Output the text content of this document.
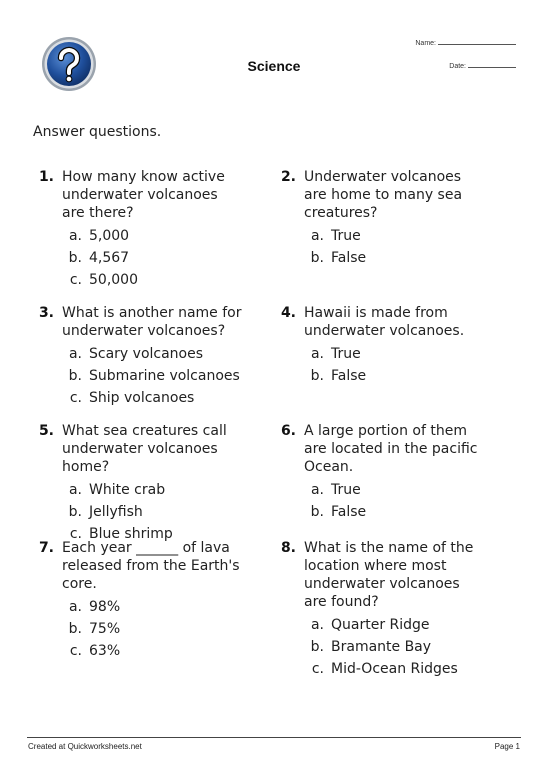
Science
Name:
Date:
Answer questions.
1. How many know active underwater volcanoes are there?
a. 5,000
b. 4,567
c. 50,000
2. Underwater volcanoes are home to many sea creatures?
a. True
b. False
3. What is another name for underwater volcanoes?
a. Scary volcanoes
b. Submarine volcanoes
c. Ship volcanoes
4. Hawaii is made from underwater volcanoes.
a. True
b. False
5. What sea creatures call underwater volcanoes home?
a. White crab
b. Jellyfish
c. Blue shrimp
6. A large portion of them are located in the pacific Ocean.
a. True
b. False
7. Each year ______ of lava released from the Earth's core.
a. 98%
b. 75%
c. 63%
8. What is the name of the location where most underwater volcanoes are found?
a. Quarter Ridge
b. Bramante Bay
c. Mid-Ocean Ridges
Created at Quickworksheets.net	Page 1
